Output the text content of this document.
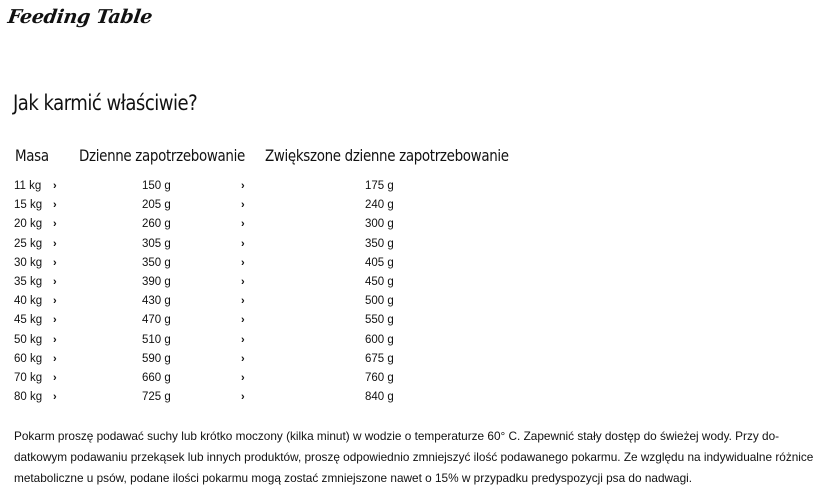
Feeding Table
Jak karmić właściwie?
Masa Dzienne zapotrzebowanie Zwiększone dzienne zapotrzebowanie
11 kg ›	150 g	›	175 g
15 kg ›	205 g	›	240 g
20 kg ›	260 g	›	300 g
25 kg ›	305 g	›	350 g
30 kg ›	350 g	›	405 g
35 kg ›	390 g	›	450 g
40 kg ›	430 g	›	500 g
45 kg ›	470 g	›	550 g
50 kg ›	510 g	›	600 g
60 kg ›	590 g	›	675 g
70 kg ›	660 g	›	760 g
80 kg ›	725 g	›	840 g
Pokarm proszę podawać suchy lub krótko moczony (kilka minut) w wodzie o temperaturze 60° C. Zapewnić stały dostęp do świeżej wody. Przy do-datkowym podawaniu przekąsek lub innych produktów, proszę odpowiednio zmniejszyć ilość podawanego pokarmu. Ze względu na indywidualne różnice metaboliczne u psów, podane ilości pokarmu mogą zostać zmniejszone nawet o 15% w przypadku predyspozycji psa do nadwagi.
